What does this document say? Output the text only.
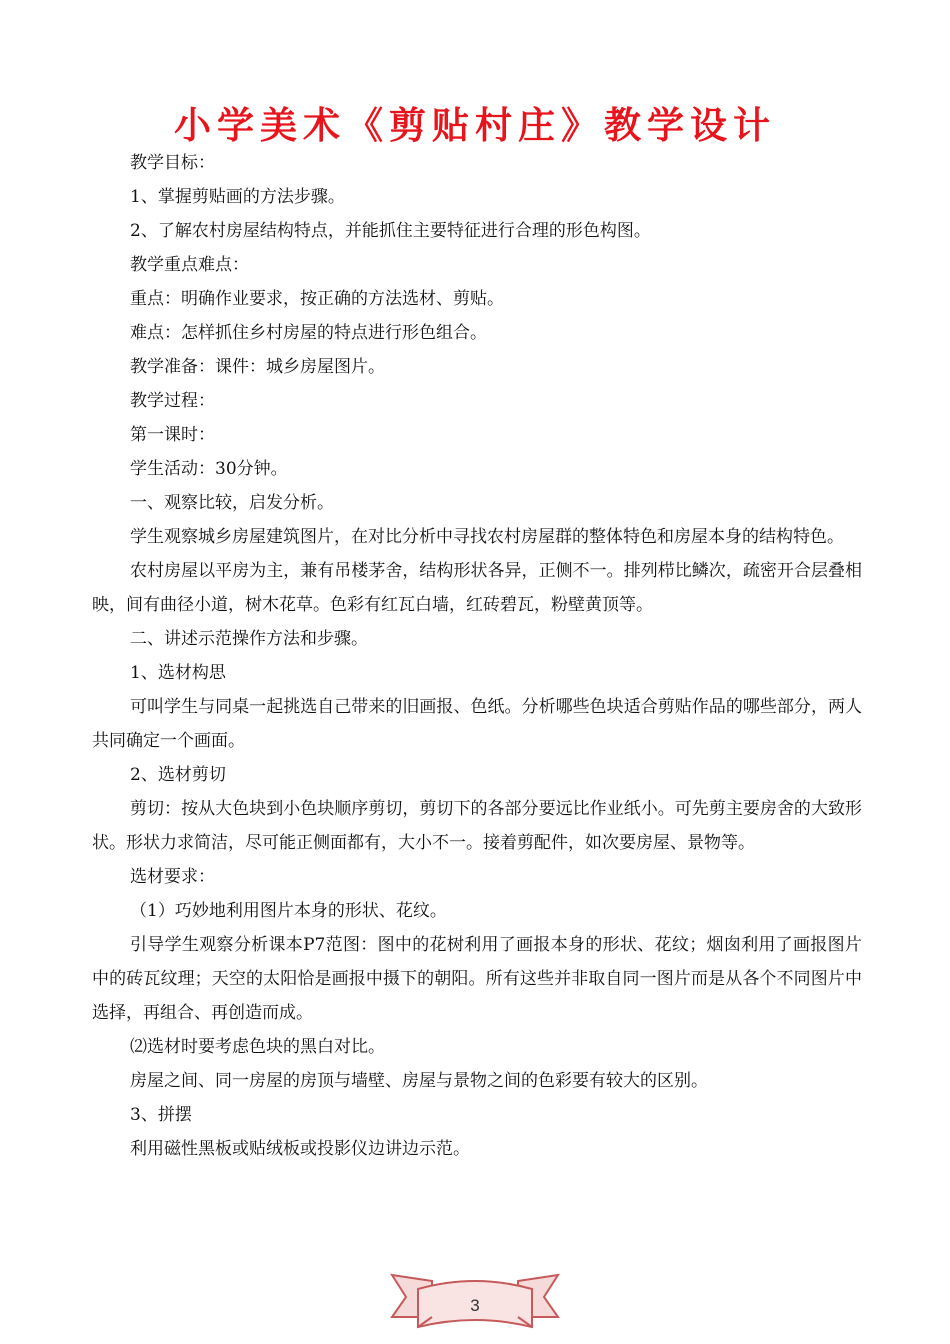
小学美术《剪贴村庄》教学设计

教学目标：

1、掌握剪贴画的方法步骤。

2、了解农村房屋结构特点，并能抓住主要特征进行合理的形色构图。

教学重点难点：

重点：明确作业要求，按正确的方法选材、剪贴。

难点：怎样抓住乡村房屋的特点进行形色组合。

教学准备：课件：城乡房屋图片。

教学过程：

第一课时：

学生活动：30分钟。

一、观察比较，启发分析。

学生观察城乡房屋建筑图片，在对比分析中寻找农村房屋群的整体特色和房屋本身的结构特色。

农村房屋以平房为主，兼有吊楼茅舍，结构形状各异，正侧不一。排列栉比鳞次，疏密开合层叠相映，间有曲径小道，树木花草。色彩有红瓦白墙，红砖碧瓦，粉壁黄顶等。

二、讲述示范操作方法和步骤。

1、选材构思

可叫学生与同桌一起挑选自己带来的旧画报、色纸。分析哪些色块适合剪贴作品的哪些部分，两人共同确定一个画面。

2、选材剪切

剪切：按从大色块到小色块顺序剪切，剪切下的各部分要远比作业纸小。可先剪主要房舍的大致形状。形状力求简洁，尽可能正侧面都有，大小不一。接着剪配件，如次要房屋、景物等。

选材要求：

（1）巧妙地利用图片本身的形状、花纹。

引导学生观察分析课本P7范图：图中的花树利用了画报本身的形状、花纹；烟囱利用了画报图片中的砖瓦纹理；天空的太阳恰是画报中摄下的朝阳。所有这些并非取自同一图片而是从各个不同图片中选择，再组合、再创造而成。

⑵选材时要考虑色块的黑白对比。

房屋之间、同一房屋的房顶与墙壁、房屋与景物之间的色彩要有较大的区别。

3、拼摆

利用磁性黑板或贴绒板或投影仪边讲边示范。

3
